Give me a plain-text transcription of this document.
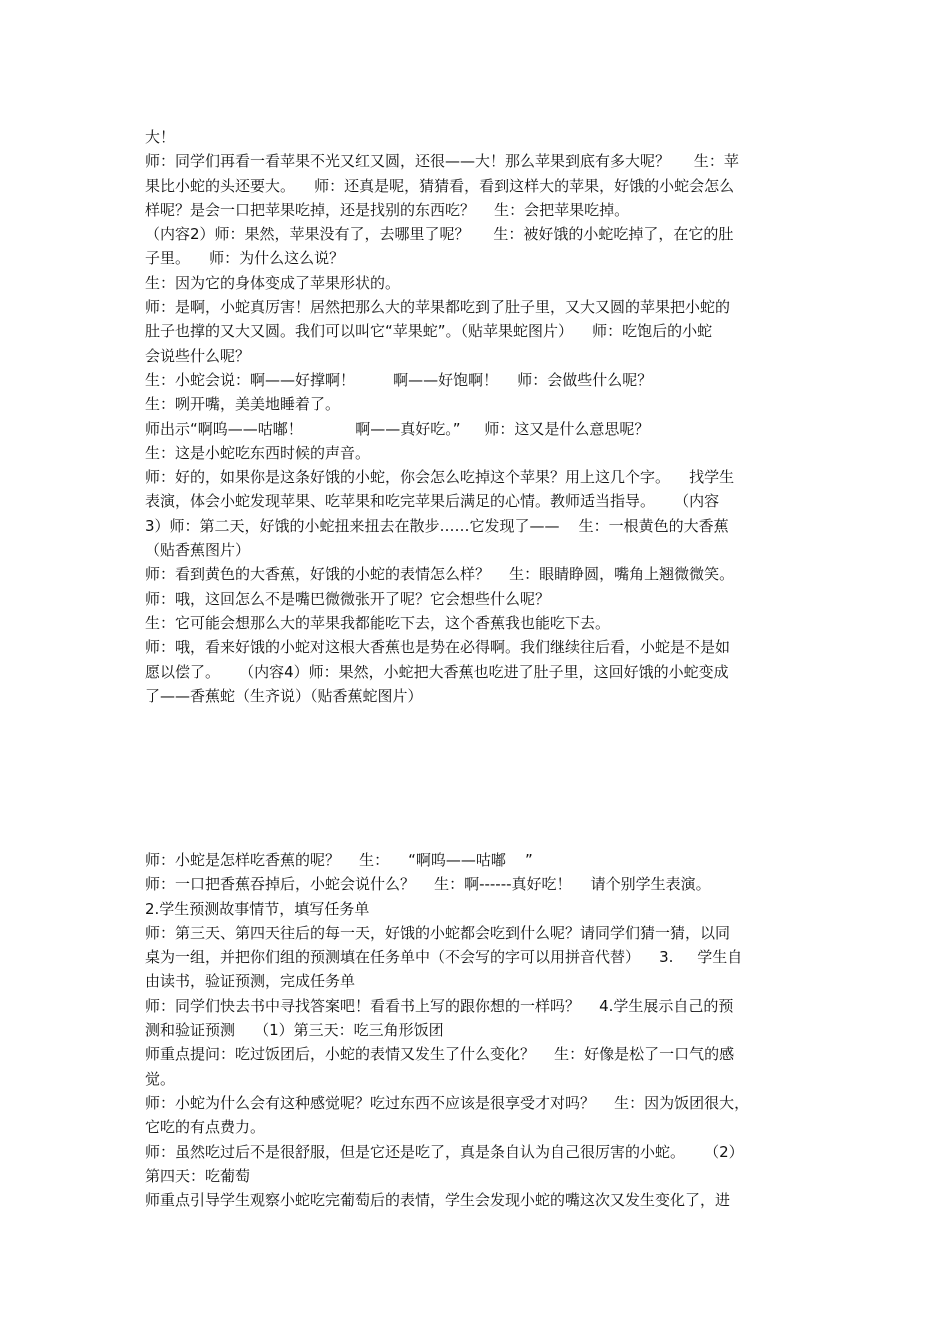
大！
师：同学们再看一看苹果不光又红又圆，还很——大！那么苹果到底有多大呢？     生：苹
果比小蛇的头还要大。    师：还真是呢，猜猜看，看到这样大的苹果，好饿的小蛇会怎么
样呢？是会一口把苹果吃掉，还是找别的东西吃？    生：会把苹果吃掉。
（内容2）师：果然，苹果没有了，去哪里了呢？     生：被好饿的小蛇吃掉了，在它的肚
子里。    师：为什么这么说？
生：因为它的身体变成了苹果形状的。
师：是啊，小蛇真厉害！居然把那么大的苹果都吃到了肚子里，又大又圆的苹果把小蛇的
肚子也撑的又大又圆。我们可以叫它“苹果蛇”。（贴苹果蛇图片）    师：吃饱后的小蛇
会说些什么呢？
生：小蛇会说：啊——好撑啊！        啊——好饱啊！    师：会做些什么呢？
生：咧开嘴，美美地睡着了。
师出示“啊呜——咕嘟！           啊——真好吃。”     师：这又是什么意思呢？
生：这是小蛇吃东西时候的声音。
师：好的，如果你是这条好饿的小蛇，你会怎么吃掉这个苹果？用上这几个字。    找学生
表演，体会小蛇发现苹果、吃苹果和吃完苹果后满足的心情。教师适当指导。    （内容
3）师：第二天，好饿的小蛇扭来扭去在散步……它发现了——    生：一根黄色的大香蕉
（贴香蕉图片）
师：看到黄色的大香蕉，好饿的小蛇的表情怎么样？    生：眼睛睁圆，嘴角上翘微微笑。
师：哦，这回怎么不是嘴巴微微张开了呢？它会想些什么呢？
生：它可能会想那么大的苹果我都能吃下去，这个香蕉我也能吃下去。
师：哦，看来好饿的小蛇对这根大香蕉也是势在必得啊。我们继续往后看，小蛇是不是如
愿以偿了。    （内容4）师：果然，小蛇把大香蕉也吃进了肚子里，这回好饿的小蛇变成
了——香蕉蛇（生齐说）（贴香蕉蛇图片）
师：小蛇是怎样吃香蕉的呢？    生：    “啊呜——咕嘟    ”
师：一口把香蕉吞掉后，小蛇会说什么？    生：啊------真好吃！    请个别学生表演。
2.学生预测故事情节，填写任务单
师：第三天、第四天往后的每一天，好饿的小蛇都会吃到什么呢？请同学们猜一猜，以同
桌为一组，并把你们组的预测填在任务单中（不会写的字可以用拼音代替）    3.     学生自
由读书，验证预测，完成任务单
师：同学们快去书中寻找答案吧！看看书上写的跟你想的一样吗？    4.学生展示自己的预
测和验证预测    （1）第三天：吃三角形饭团
师重点提问：吃过饭团后，小蛇的表情又发生了什么变化？    生：好像是松了一口气的感
觉。
师：小蛇为什么会有这种感觉呢？吃过东西不应该是很享受才对吗？    生：因为饭团很大，
它吃的有点费力。
师：虽然吃过后不是很舒服，但是它还是吃了，真是条自认为自己很厉害的小蛇。    （2）
第四天：吃葡萄
师重点引导学生观察小蛇吃完葡萄后的表情，学生会发现小蛇的嘴这次又发生变化了，进
